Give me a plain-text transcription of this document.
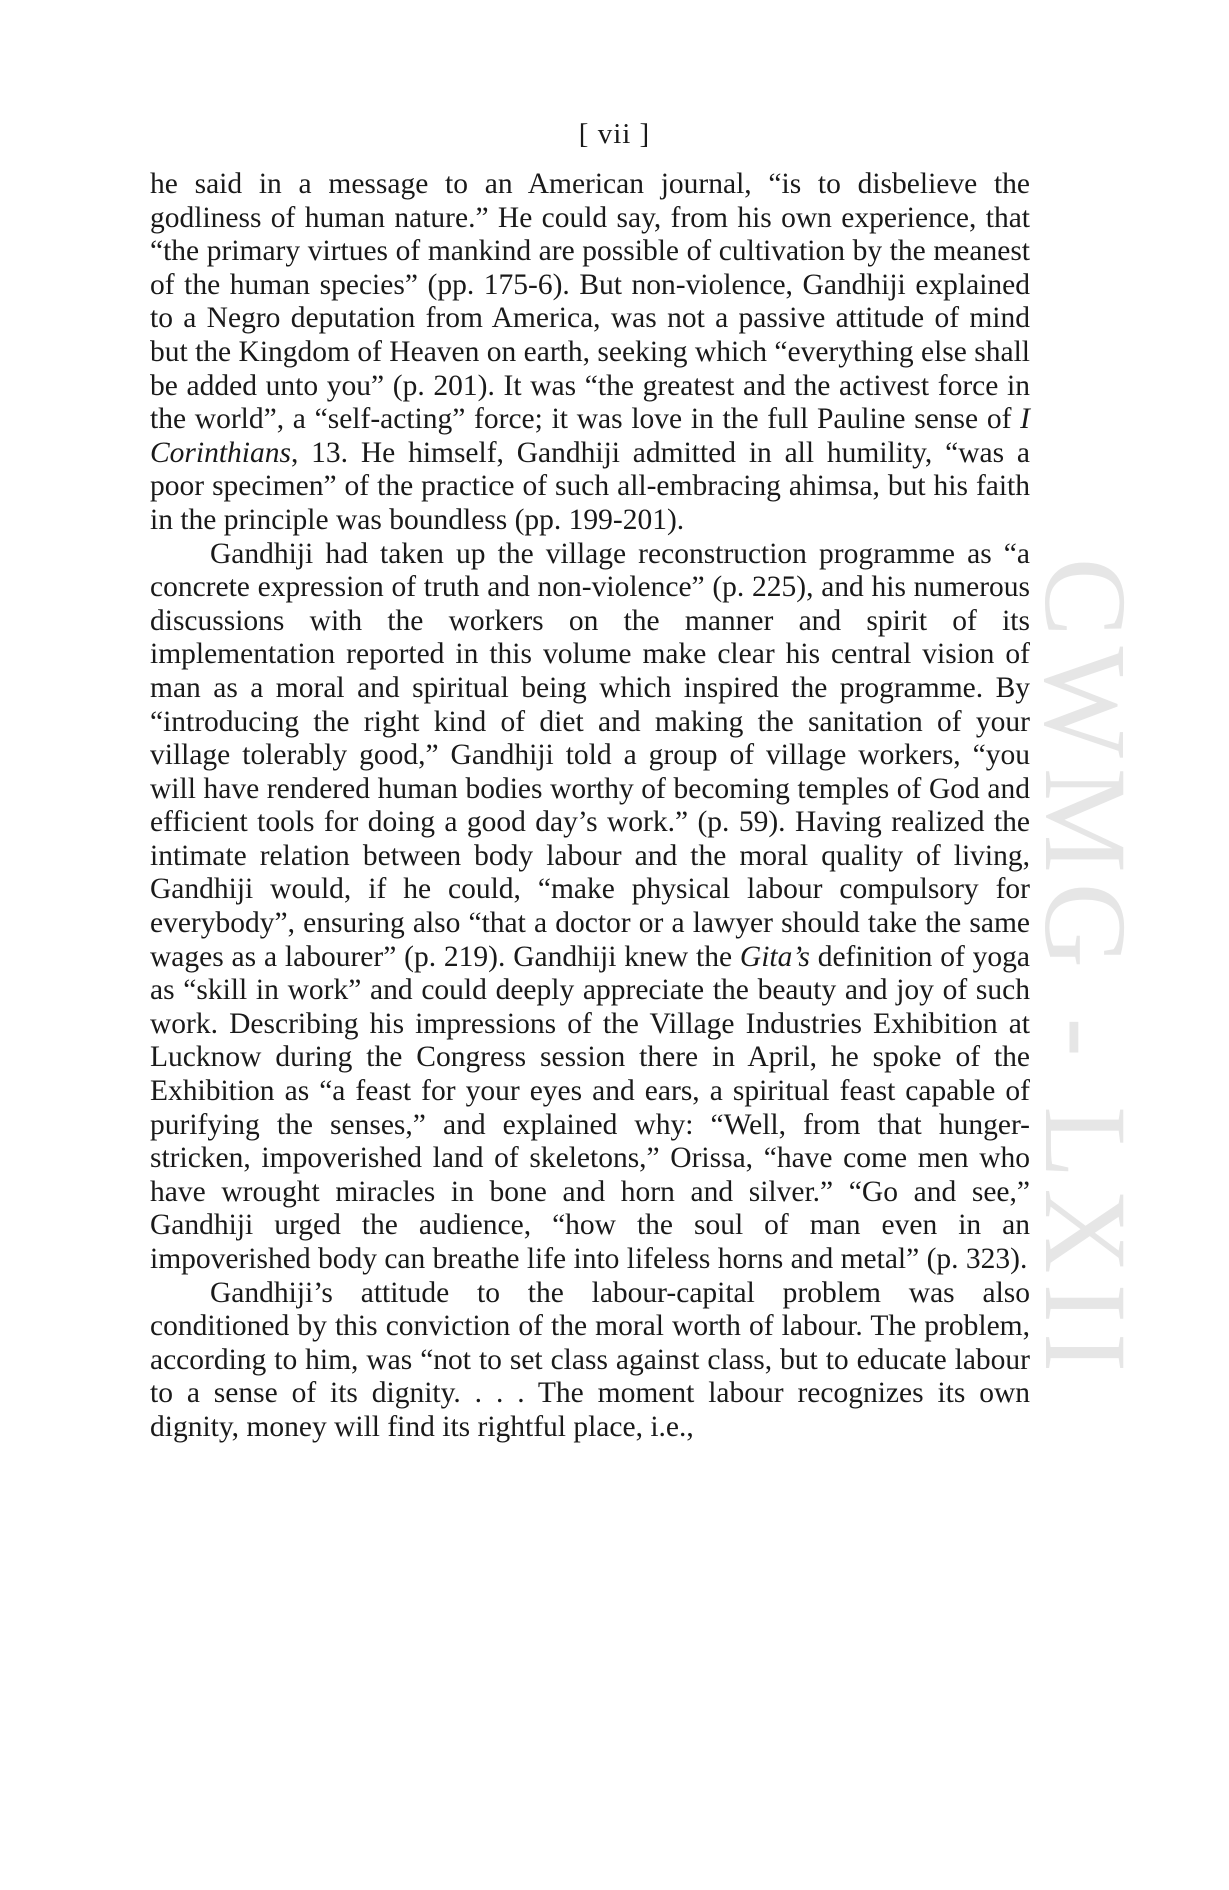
CWMG - LXII
[ vii ]

he said in a message to an American journal, “is to disbelieve the godliness of human nature.” He could say, from his own experience, that “the primary virtues of mankind are possible of cultivation by the meanest of the human species” (pp. 175-6). But non-violence, Gandhiji explained to a Negro deputation from America, was not a passive attitude of mind but the Kingdom of Heaven on earth, seeking which “everything else shall be added unto you” (p. 201). It was “the greatest and the activest force in the world”, a “self-acting” force; it was love in the full Pauline sense of I Corinthians, 13. He himself, Gandhiji admitted in all humility, “was a poor specimen” of the practice of such all-embracing ahimsa, but his faith in the principle was boundless (pp. 199-201).

Gandhiji had taken up the village reconstruction programme as “a concrete expression of truth and non-violence” (p. 225), and his numerous discussions with the workers on the manner and spirit of its implementation reported in this volume make clear his central vision of man as a moral and spiritual being which inspired the programme. By “introducing the right kind of diet and making the sanitation of your village tolerably good,” Gandhiji told a group of village workers, “you will have rendered human bodies worthy of becoming temples of God and efficient tools for doing a good day’s work.” (p. 59). Having realized the intimate relation between body labour and the moral quality of living, Gandhiji would, if he could, “make physical labour compulsory for everybody”, ensuring also “that a doctor or a lawyer should take the same wages as a labourer” (p. 219). Gandhiji knew the Gita’s definition of yoga as “skill in work” and could deeply appreciate the beauty and joy of such work. Describing his impressions of the Village Industries Exhibition at Lucknow during the Congress session there in April, he spoke of the Exhibition as “a feast for your eyes and ears, a spiritual feast capable of purifying the senses,” and explained why: “Well, from that hunger-stricken, impoverished land of skeletons,” Orissa, “have come men who have wrought miracles in bone and horn and silver.” “Go and see,” Gandhiji urged the audience, “how the soul of man even in an impoverished body can breathe life into lifeless horns and metal” (p. 323).

Gandhiji’s attitude to the labour-capital problem was also conditioned by this conviction of the moral worth of labour. The problem, according to him, was “not to set class against class, but to educate labour to a sense of its dignity. . . . The moment labour recognizes its own dignity, money will find its rightful place, i.e.,
